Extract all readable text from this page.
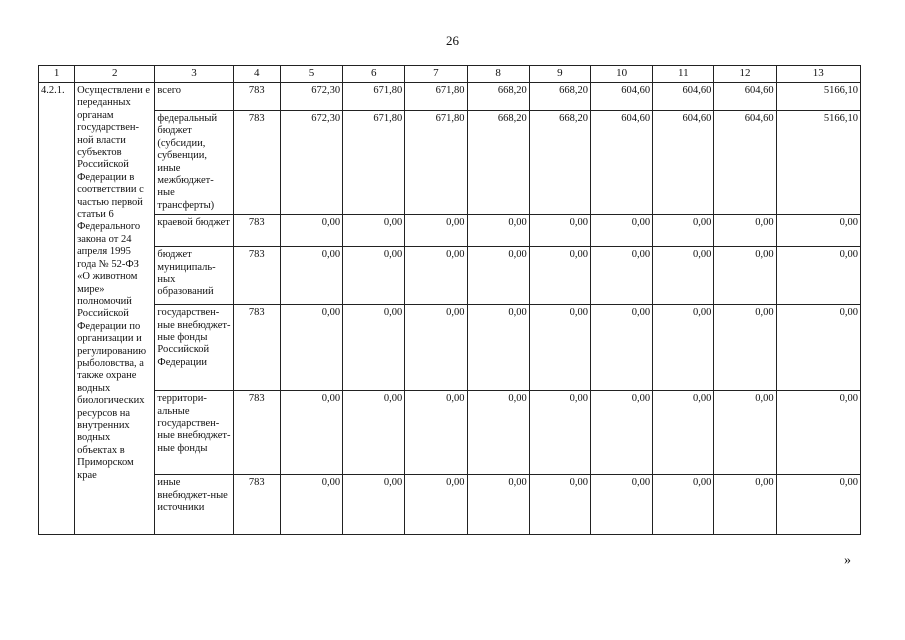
26
1	2	3	4	5	6	7	8	9	10	11	12	13
4.2.1.	Осуществлени е переданных органам государствен-ной власти субъектов Российской Федерации в соответствии с частью первой статьи 6 Федерального закона от 24 апреля 1995 года № 52-ФЗ «О животном мире» полномочий Российской Федерации по организации и регулированию рыболовства, а также охране водных биологических ресурсов на внутренних водных объектах в Приморском крае	всего	783	672,30	671,80	671,80	668,20	668,20	604,60	604,60	604,60	5166,10
		федеральный бюджет (субсидии, субвенции, иные межбюджет-ные трансферты)	783	672,30	671,80	671,80	668,20	668,20	604,60	604,60	604,60	5166,10
		краевой бюджет	783	0,00	0,00	0,00	0,00	0,00	0,00	0,00	0,00	0,00
		бюджет муниципаль-ных образований	783	0,00	0,00	0,00	0,00	0,00	0,00	0,00	0,00	0,00
		государствен-ные внебюджет-ные фонды Российской Федерации	783	0,00	0,00	0,00	0,00	0,00	0,00	0,00	0,00	0,00
		территори-альные государствен-ные внебюджет-ные фонды	783	0,00	0,00	0,00	0,00	0,00	0,00	0,00	0,00	0,00
		иные внебюджет-ные источники	783	0,00	0,00	0,00	0,00	0,00	0,00	0,00	0,00	0,00
»
